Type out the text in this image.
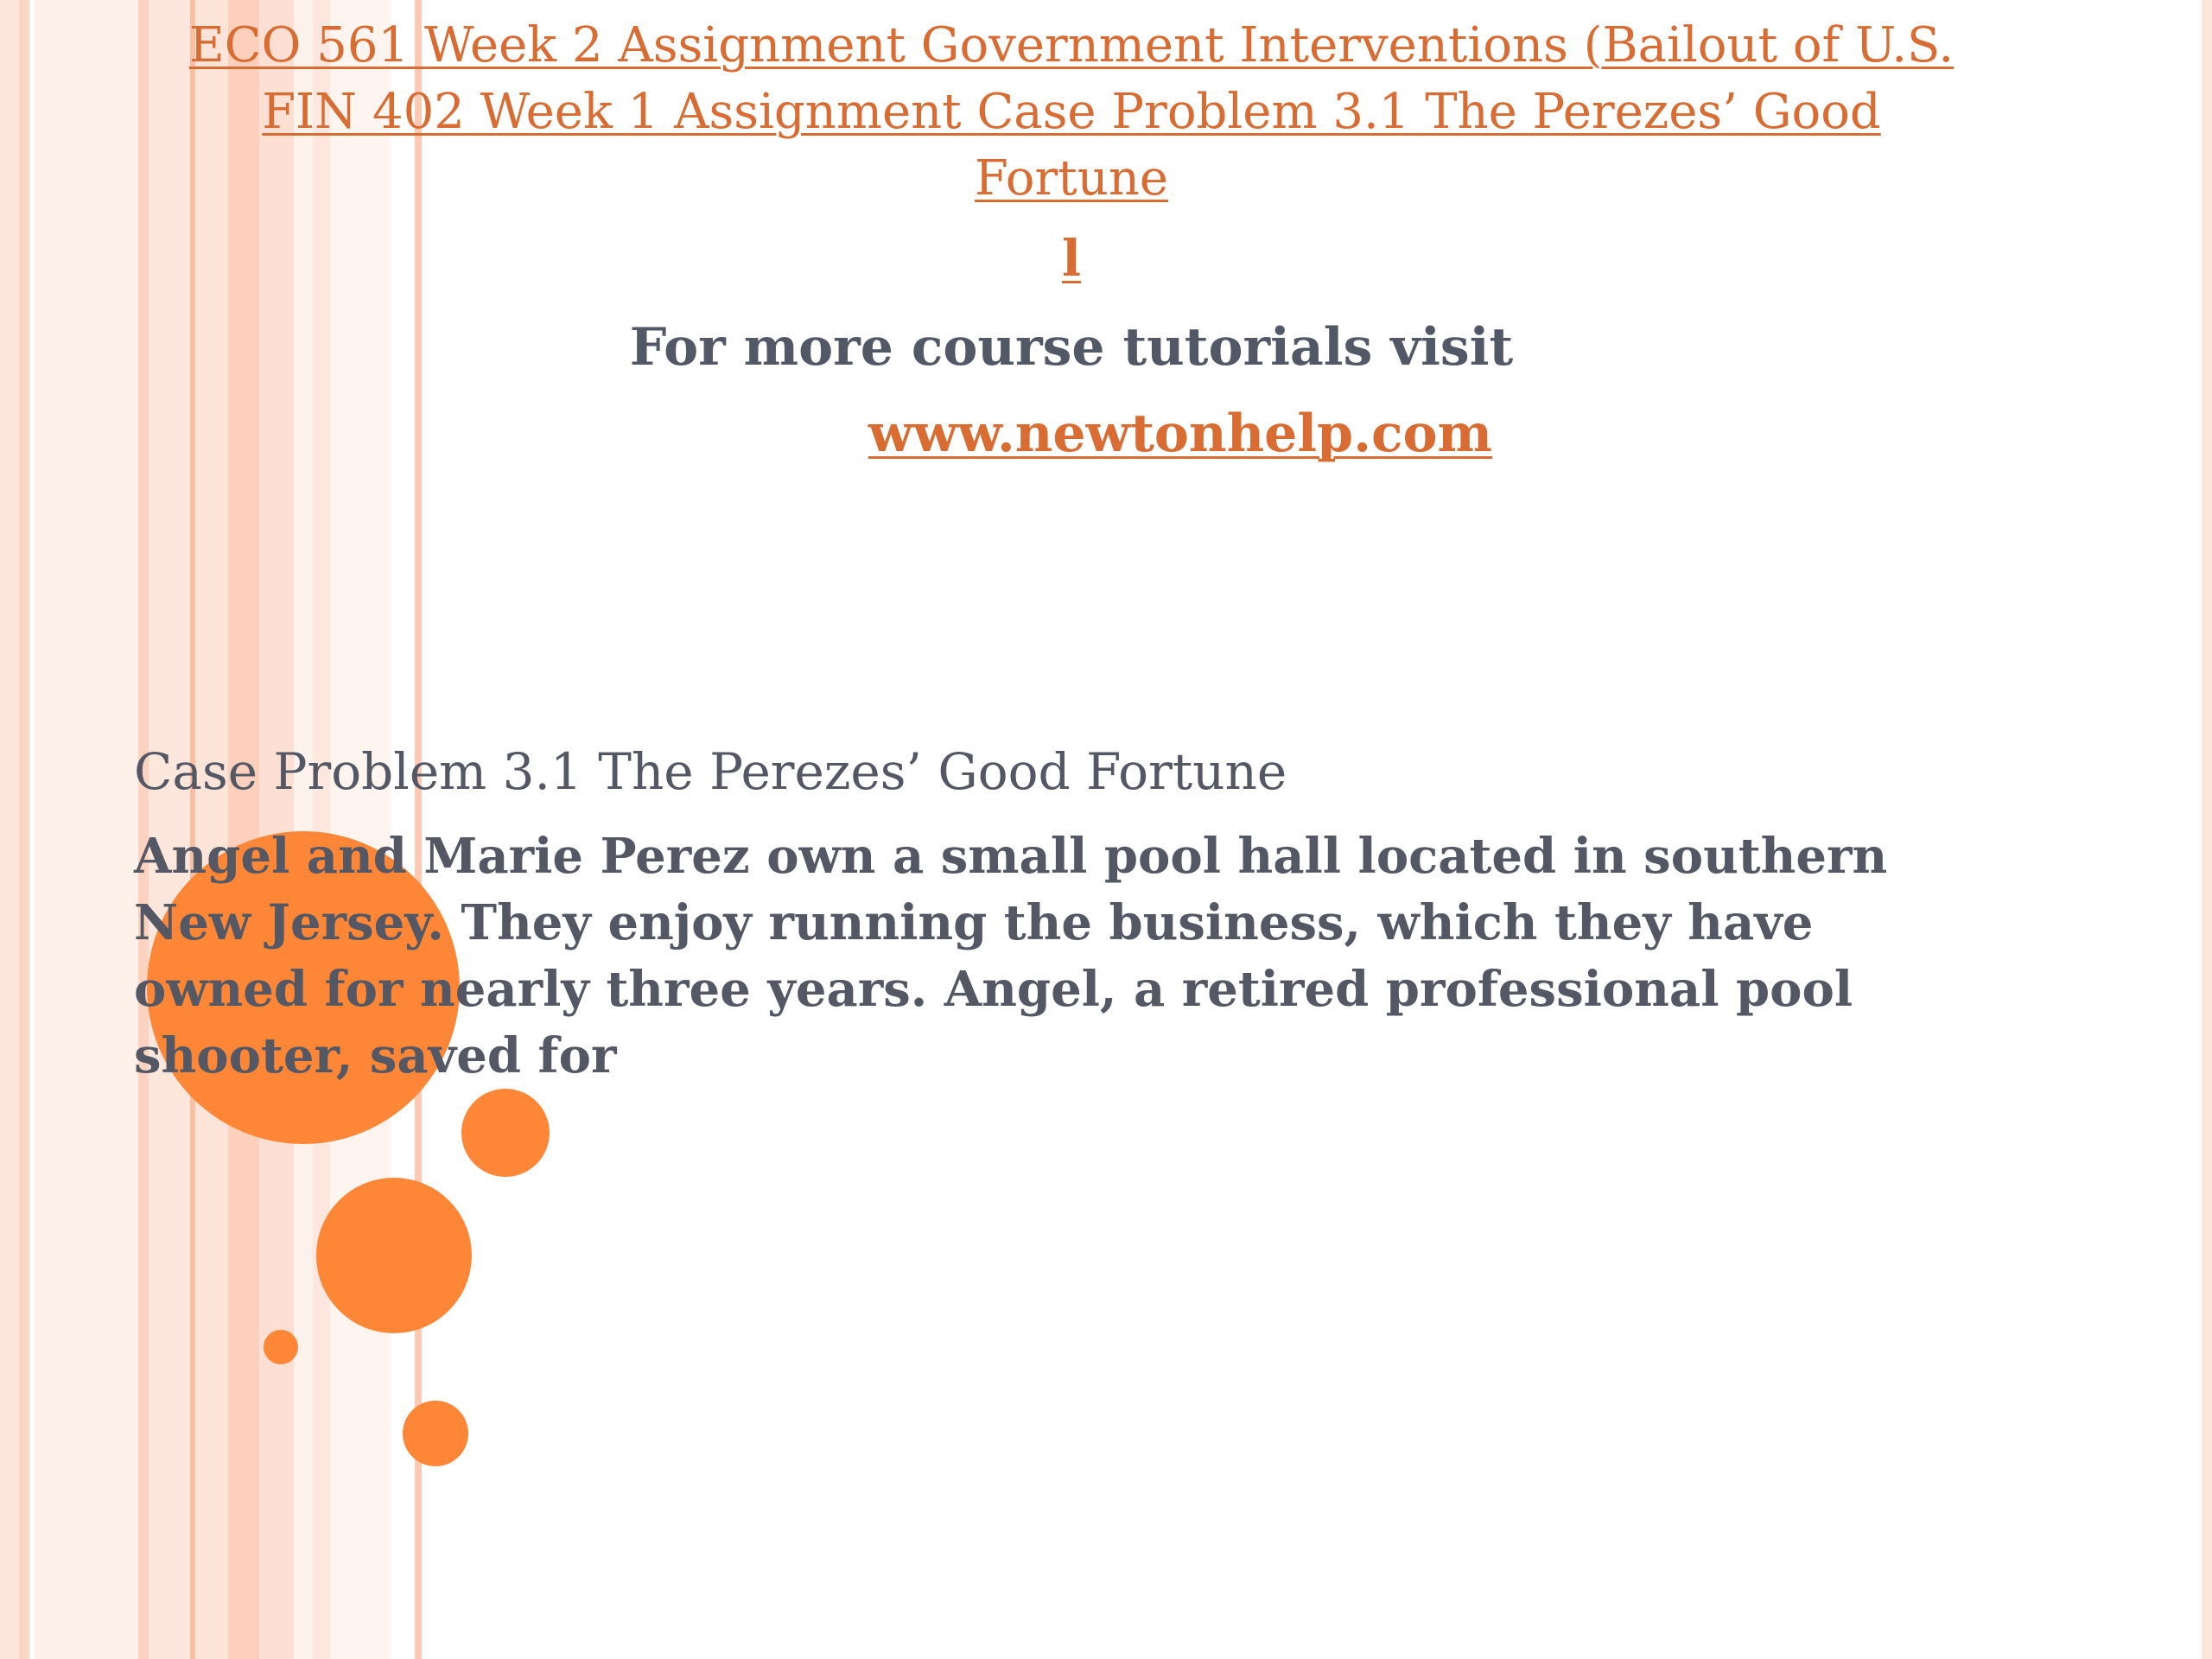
ECO 561 Week 2 Assignment Government Interventions (Bailout of U.S.
FIN 402 Week 1 Assignment Case Problem 3.1 The Perezes’ Good
Fortune
l
For more course tutorials visit
www.newtonhelp.com
Case Problem 3.1 The Perezes’ Good Fortune
Angel and Marie Perez own a small pool hall located in southern
New Jersey. They enjoy running the business, which they have
owned for nearly three years. Angel, a retired professional pool
shooter, saved for
